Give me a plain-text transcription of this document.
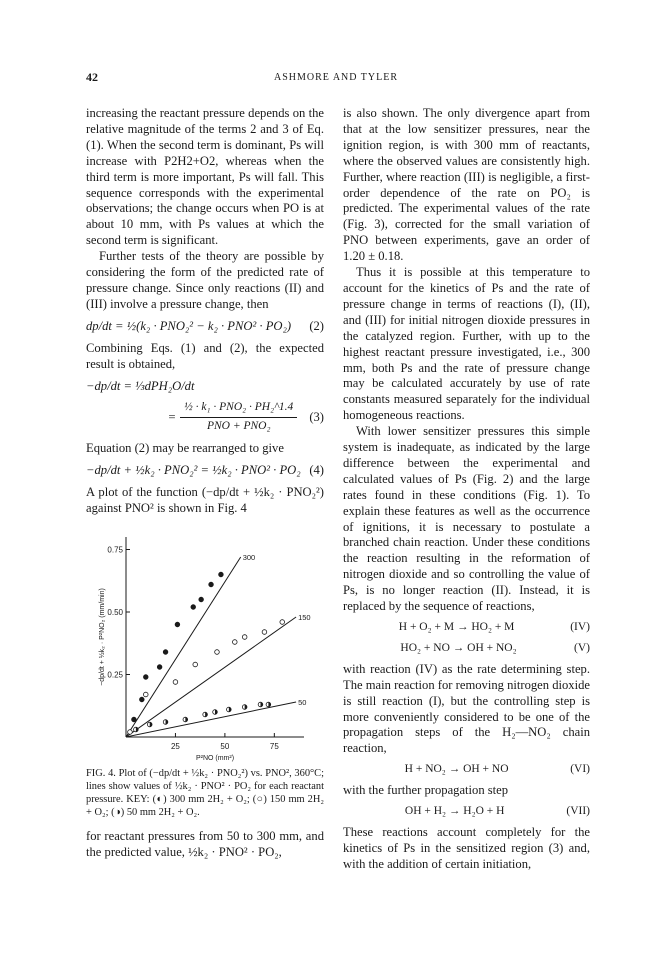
42	ASHMORE AND TYLER

increasing the reactant pressure depends on the relative magnitude of the terms 2 and 3 of Eq. (1). When the second term is dominant, Ps will increase with P2H2+O2, whereas when the third term is more important, Ps will fall. This sequence corresponds with the experimental observations; the change occurs when PO is at about 10 mm, with Ps values at which the second term is significant.

Further tests of the theory are possible by considering the form of the predicted rate of pressure change. Since only reactions (II) and (III) involve a pressure change, then

dp/dt = ½(k₂ · PNO₂² − k₂ · PNO² · PO₂) (2)

Combining Eqs. (1) and (2), the expected result is obtained,

−dp/dt = ⅓dPH₂O/dt
= $\frac{\text{½ · k₁ · PNO₂ · PH₂\textasciicircum{}1.4}}{\text{PNO + PNO₂}} (3)$

Equation (2) may be rearranged to give

−dp/dt + ½k₂ · PNO₂² = ½k₂ · PNO² · PO₂ (4)

A plot of the function (−dp/dt + ½k₂ · PNO₂²) against PNO² is shown in Fig. 4

25	50	75
0.25
0.50
0.75
P²NO (mm²)
−dp/dt + ½k₂ · P²NO₂ (mm/min)
300
150
50
FIG. 4. Plot of (−dp/dt + ½k₂ · PNO₂²) vs. PNO², 360°C; lines show values of ½k₂ · PNO² · PO₂ for each reactant pressure. KEY: (◐) 300 mm 2H₂ + O₂; (○) 150 mm 2H₂ + O₂; (◑) 50 mm 2H₂ + O₂.

for reactant pressures from 50 to 300 mm, and the predicted value, ½k₂ · PNO² · PO₂,

is also shown. The only divergence apart from that at the low sensitizer pressures, near the ignition region, is with 300 mm of reactants, where the observed values are consistently high. Further, where reaction (III) is negligible, a first-order dependence of the rate on PO₂ is predicted. The experimental values of the rate (Fig. 3), corrected for the small variation of PNO between experiments, gave an order of 1.20 ± 0.18.

Thus it is possible at this temperature to account for the kinetics of Ps and the rate of pressure change in terms of reactions (I), (II), and (III) for initial nitrogen dioxide pressures in the catalyzed region. Further, with up to the highest reactant pressure investigated, i.e., 300 mm, both Ps and the rate of pressure change may be calculated accurately by use of rate constants measured separately for the individual homogeneous reactions.

With lower sensitizer pressures this simple system is inadequate, as indicated by the large difference between the experimental and calculated values of Ps (Fig. 2) and the large rates found in these conditions (Fig. 1). To explain these features as well as the occurrence of ignitions, it is necessary to postulate a branched chain reaction. Under these conditions the reaction resulting in the reformation of nitrogen dioxide and so controlling the value of Ps, is no longer reaction (II). Instead, it is replaced by the sequence of reactions,

H + O₂ + M → HO₂ + M	(IV)
HO₂ + NO → OH + NO₂	(V)

with reaction (IV) as the rate determining step. The main reaction for removing nitrogen dioxide is still reaction (I), but the controlling step is more conveniently considered to be one of the propagation steps of the H₂—NO₂ chain reaction,

H + NO₂ → OH + NO	(VI)

with the further propagation step

OH + H₂ → H₂O + H	(VII)

These reactions account completely for the kinetics of Ps in the sensitized region (3) and, with the addition of certain initiation,
